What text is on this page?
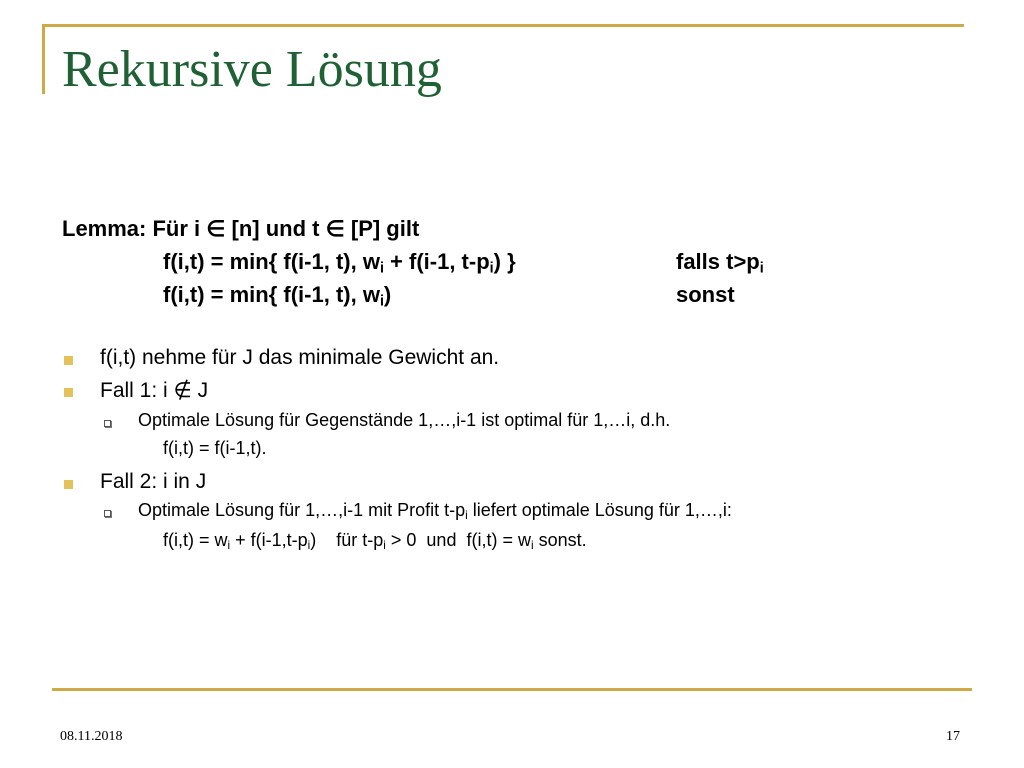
Rekursive Lösung
Lemma: Für i ∈ [n] und t ∈ [P] gilt
f(i,t) = min{ f(i-1, t), $w_i + f(i-1$, $t-p_i$) }	falls $t>p_i$
f(i,t) = min{ f(i-1, t), $w_i$)	sonst
f(i,t) nehme für J das minimale Gewicht an.
Fall 1: i ∉ J
Optimale Lösung für Gegenstände 1,…,i-1 ist optimal für 1,…i, d.h.
f(i,t) = f(i-1,t).
Fall 2: i in J
Optimale Lösung für 1,…,i-1 mit Profit $t-p_i$ liefert optimale Lösung für 1,…,i:
$f(i,t) = w_i + f(i-1,t-p_i)$    für $t-p_i > 0$  und  $f(i,t) = w_i$ sonst.
08.11.2018	17
